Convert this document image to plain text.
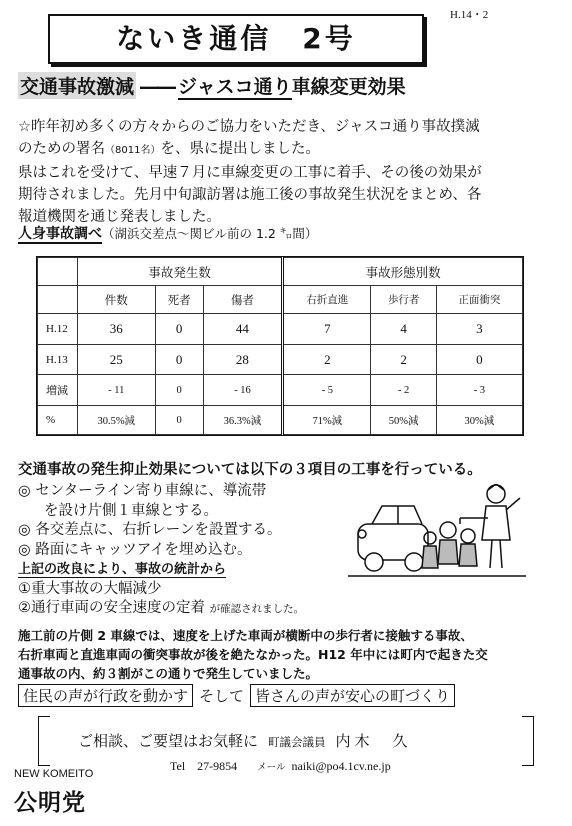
H.14・2
ないき通信　2号
交通事故激減 ―― ジャスコ通り車線変更効果
☆昨年初め多くの方々からのご協力をいただき、ジャスコ通り事故撲滅
のための署名（8011名）を、県に提出しました。
県はこれを受けて、早速７月に車線変更の工事に着手、その後の効果が
期待されました。先月中旬諏訪署は施工後の事故発生状況をまとめ、各
報道機関を通じ発表しました。
人身事故調べ（湖浜交差点～関ビル前の 1.2 ㌔間）
	事故発生数			事故形態別数		
	件数	死者	傷者	右折直進	歩行者	正面衝突
H.12	36	0	44	7	4	3
H.13	25	0	28	2	2	0
増減	- 11	0	- 16	- 5	- 2	- 3
%	30.5%減	0	36.3%減	71%減	50%減	30%減
交通事故の発生抑止効果については以下の３項目の工事を行っている。
◎ センターライン寄り車線に、導流帯
を設け片側１車線とする。
◎ 各交差点に、右折レーンを設置する。
◎ 路面にキャッツアイを埋め込む。
上記の改良により、事故の統計から
①重大事故の大幅減少
②通行車両の安全速度の定着 が確認されました。
施工前の片側 2 車線では、速度を上げた車両が横断中の歩行者に接触する事故、
右折車両と直進車両の衝突事故が後を絶たなかった。H12 年中には町内で起きた交
通事故の内、約３割がこの通りで発生していました。
住民の声が行政を動かす そして 皆さんの声が安心の町づくり
ご相談、ご要望はお気軽に 町議会議員 内木　久
Tel　27-9854 メール naiki@po4.1cv.ne.jp
NEW KOMEITO
公明党
